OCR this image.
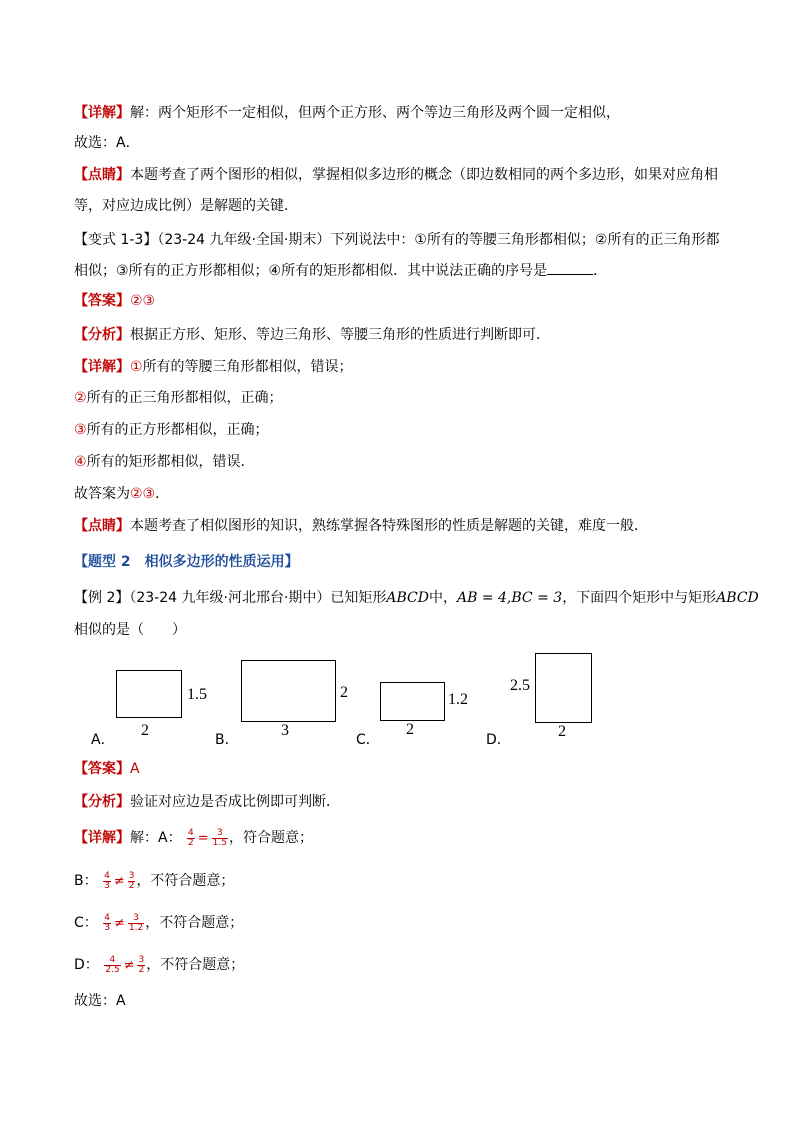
【详解】解：两个矩形不一定相似，但两个正方形、两个等边三角形及两个圆一定相似，
故选：A．
【点睛】本题考查了两个图形的相似，掌握相似多边形的概念（即边数相同的两个多边形，如果对应角相
等，对应边成比例）是解题的关键．
【变式 1-3】（23-24 九年级·全国·期末）下列说法中：①所有的等腰三角形都相似；②所有的正三角形都
相似；③所有的正方形都相似；④所有的矩形都相似．其中说法正确的序号是	．
【答案】②③
【分析】根据正方形、矩形、等边三角形、等腰三角形的性质进行判断即可．
【详解】①所有的等腰三角形都相似，错误；
②所有的正三角形都相似，正确；
③所有的正方形都相似，正确；
④所有的矩形都相似，错误．
故答案为②③．
【点睛】本题考查了相似图形的知识，熟练掌握各特殊图形的性质是解题的关键，难度一般．
【题型 2　相似多边形的性质运用】
【例 2】（23-24 九年级·河北邢台·期中）已知矩形ABCD中，AB = 4,BC = 3，下面四个矩形中与矩形ABCD
相似的是（　　）
1.5
2
A．
2
3
B．
1.2
2
C．
2.5
2
D．
【答案】A
【分析】验证对应边是否成比例即可判断．
【详解】解：A： $\frac{4}{2} = \frac{3}{1.5}$ ，符合题意；
B： $\frac{4}{3} \ne \frac{3}{2}$ ，不符合题意；
C： $\frac{4}{3} \ne \frac{3}{1.2}$ ，不符合题意；
D： $\frac{4}{2.5} \ne \frac{3}{2}$ ，不符合题意；
故选：A
